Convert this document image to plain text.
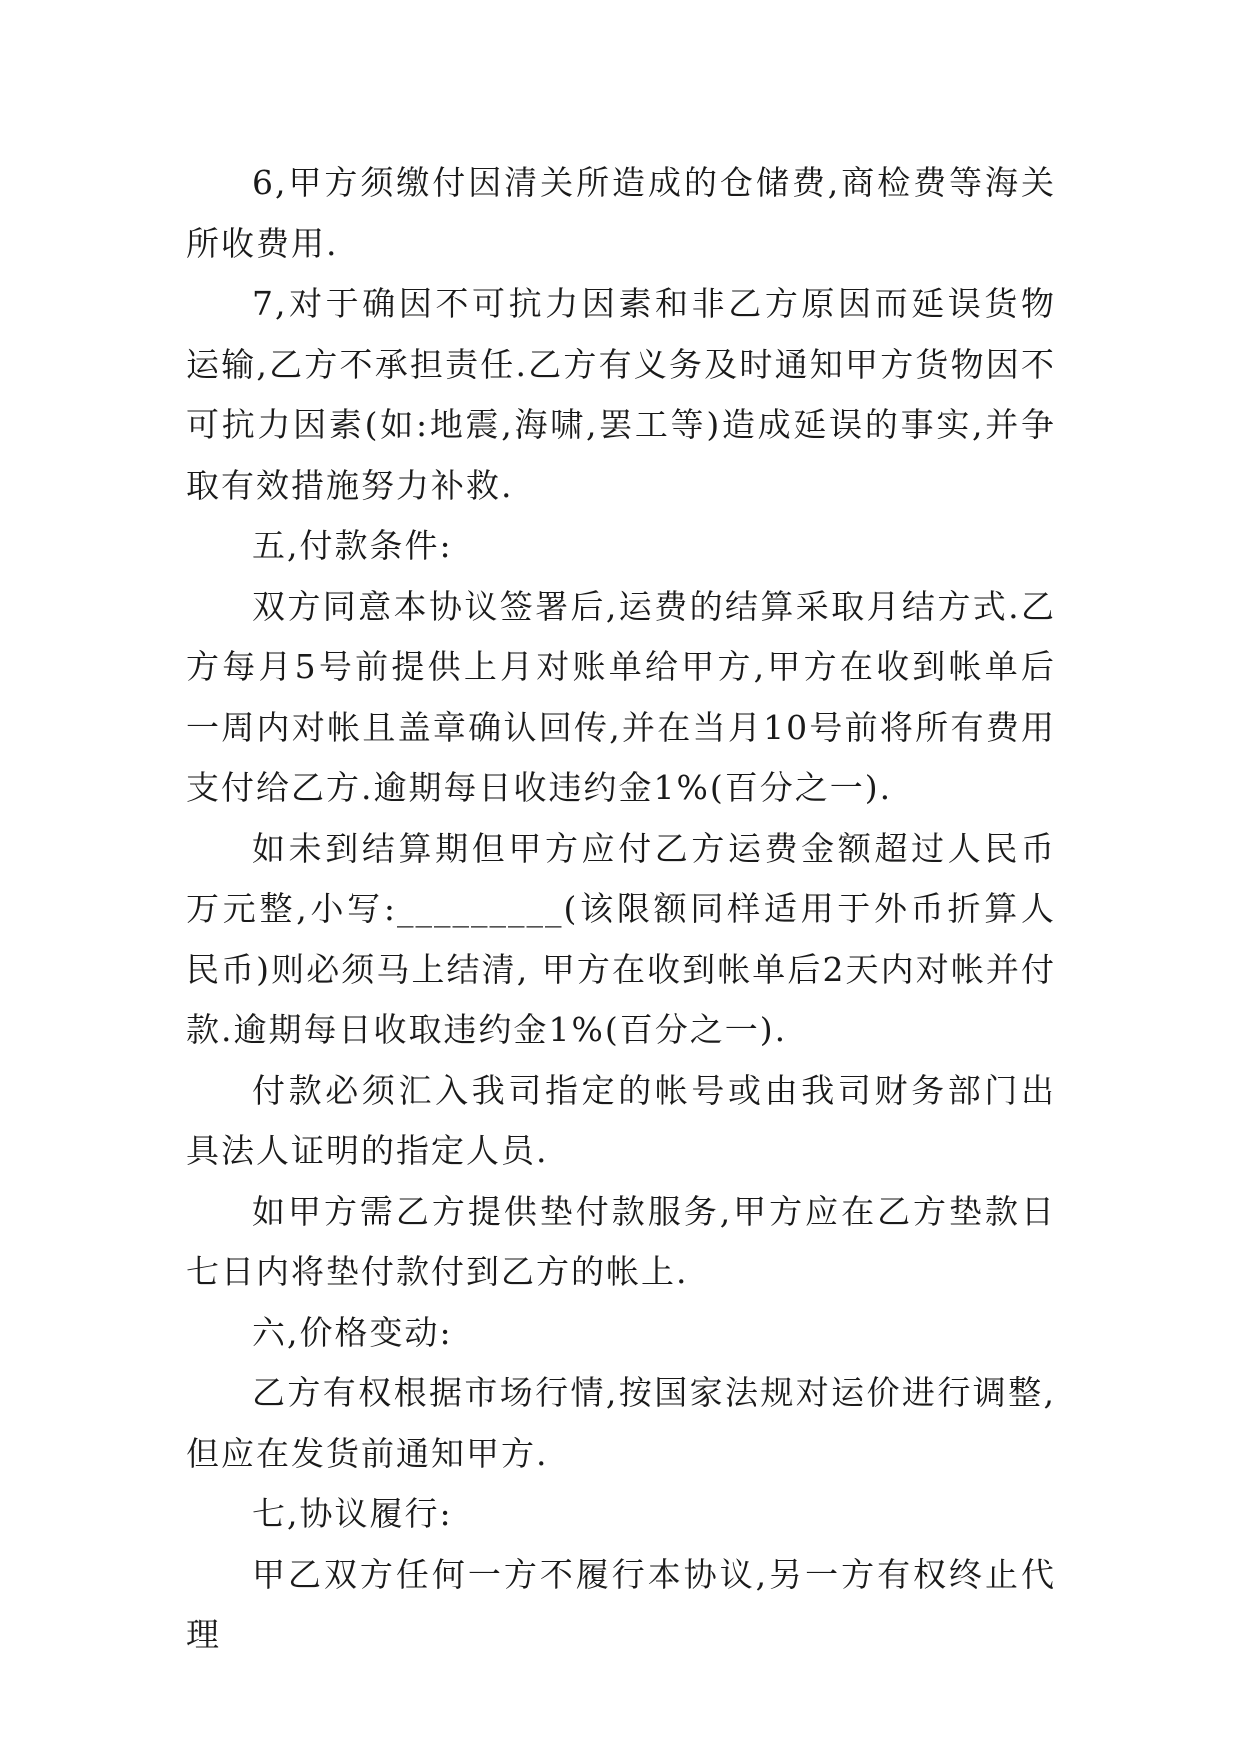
6,甲方须缴付因清关所造成的仓储费,商检费等海关所收费用.

7,对于确因不可抗力因素和非乙方原因而延误货物运输,乙方不承担责任.乙方有义务及时通知甲方货物因不可抗力因素(如:地震,海啸,罢工等)造成延误的事实,并争取有效措施努力补救.

五,付款条件:

双方同意本协议签署后,运费的结算采取月结方式.乙方每月5号前提供上月对账单给甲方,甲方在收到帐单后一周内对帐且盖章确认回传,并在当月10号前将所有费用支付给乙方.逾期每日收违约金1%(百分之一).

如未到结算期但甲方应付乙方运费金额超过人民币 万元整,小写:_________(该限额同样适用于外币折算人民币)则必须马上结清, 甲方在收到帐单后2天内对帐并付款.逾期每日收取违约金1%(百分之一).

付款必须汇入我司指定的帐号或由我司财务部门出具法人证明的指定人员.

如甲方需乙方提供垫付款服务,甲方应在乙方垫款日七日内将垫付款付到乙方的帐上.

六,价格变动:

乙方有权根据市场行情,按国家法规对运价进行调整,但应在发货前通知甲方.

七,协议履行:

甲乙双方任何一方不履行本协议,另一方有权终止代理
